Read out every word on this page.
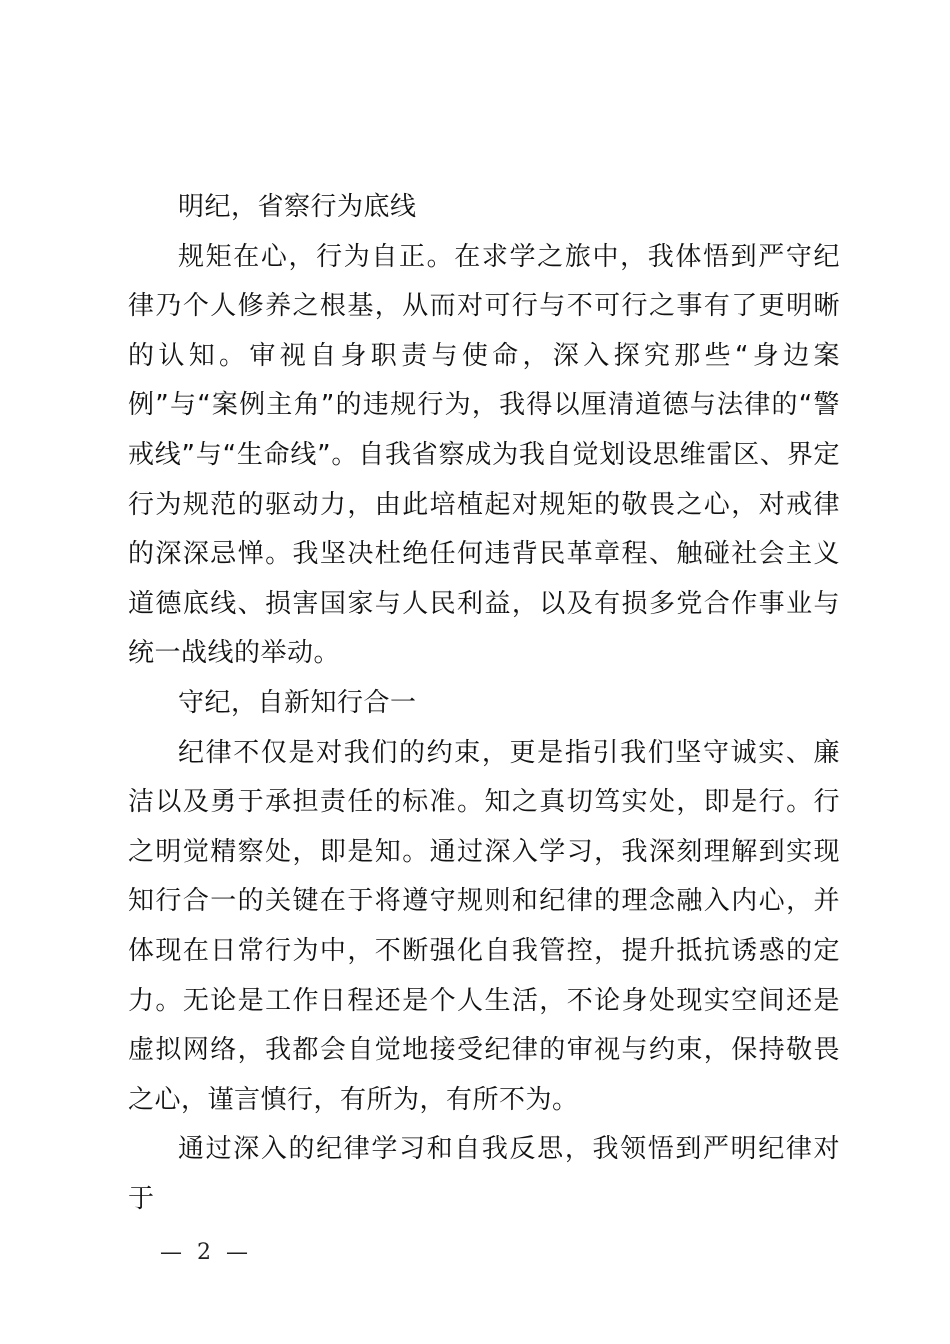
明纪，省察行为底线

规矩在心，行为自正。在求学之旅中，我体悟到严守纪律乃个人修养之根基，从而对可行与不可行之事有了更明晰的认知。审视自身职责与使命，深入探究那些“身边案例”与“案例主角”的违规行为，我得以厘清道德与法律的“警戒线”与“生命线”。自我省察成为我自觉划设思维雷区、界定行为规范的驱动力，由此培植起对规矩的敬畏之心，对戒律的深深忌惮。我坚决杜绝任何违背民革章程、触碰社会主义道德底线、损害国家与人民利益，以及有损多党合作事业与统一战线的举动。

守纪，自新知行合一

纪律不仅是对我们的约束，更是指引我们坚守诚实、廉洁以及勇于承担责任的标准。知之真切笃实处，即是行。行之明觉精察处，即是知。通过深入学习，我深刻理解到实现知行合一的关键在于将遵守规则和纪律的理念融入内心，并体现在日常行为中，不断强化自我管控，提升抵抗诱惑的定力。无论是工作日程还是个人生活，不论身处现实空间还是虚拟网络，我都会自觉地接受纪律的审视与约束，保持敬畏之心，谨言慎行，有所为，有所不为。

通过深入的纪律学习和自我反思，我领悟到严明纪律对于

— 2 —
